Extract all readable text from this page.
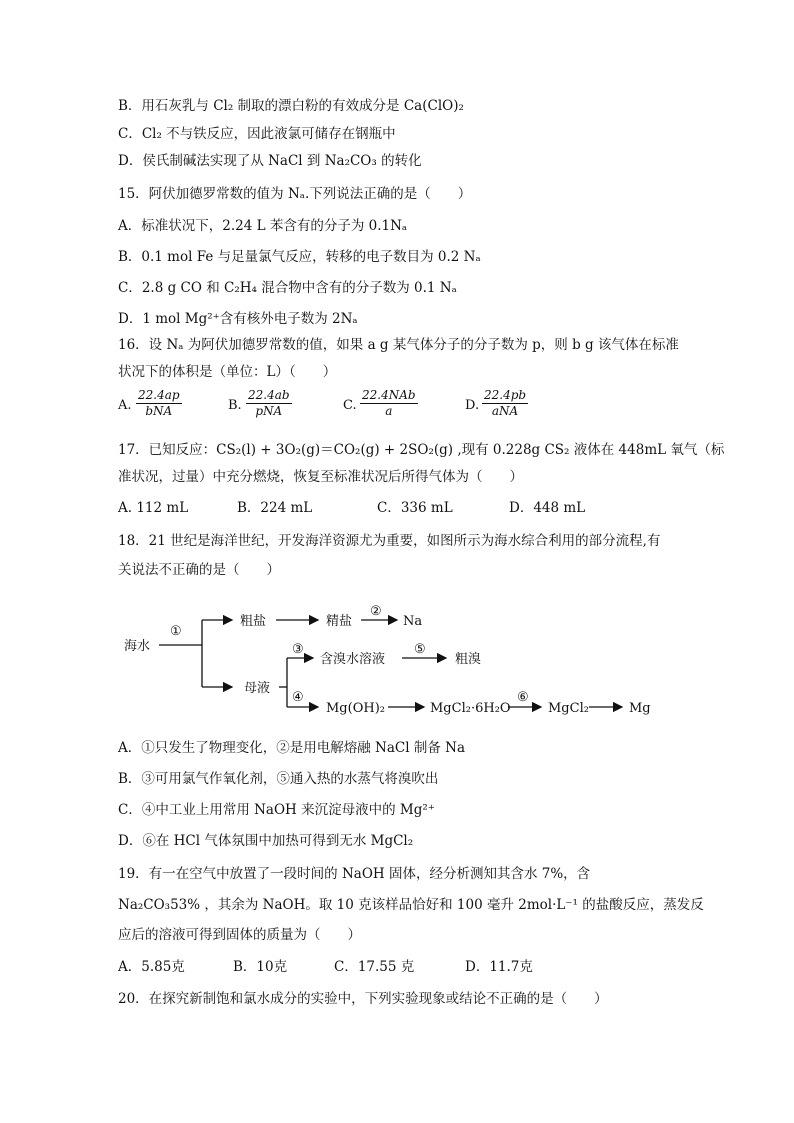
B．用石灰乳与 Cl₂ 制取的漂白粉的有效成分是 Ca(ClO)₂
C．Cl₂ 不与铁反应，因此液氯可储存在钢瓶中
D．侯氏制碱法实现了从 NaCl 到 Na₂CO₃ 的转化
15．阿伏加德罗常数的值为 Nₐ.下列说法正确的是（　　）
A．标准状况下，2.24 L 苯含有的分子为 0.1Nₐ
B．0.1 mol Fe 与足量氯气反应，转移的电子数目为 0.2 Nₐ
C．2.8 g CO 和 C₂H₄ 混合物中含有的分子数为 0.1 Nₐ
D．1 mol Mg²⁺含有核外电子数为 2Nₐ
16．设 Nₐ 为阿伏加德罗常数的值，如果 a g 某气体分子的分子数为 p，则 b g 该气体在标准
状况下的体积是（单位：L）（　　）
A.
22.4ap
bNA	B.
22.4ab
pNA	C.
22.4NAb
a	D.
22.4pb
aNA
17．已知反应：CS₂(l) + 3O₂(g)＝CO₂(g) + 2SO₂(g) ,现有 0.228g CS₂ 液体在 448mL 氧气（标
准状况，过量）中充分燃烧，恢复至标准状况后所得气体为（　　）
A. 112 mL	B．224 mL	C．336 mL	D．448 mL
18．21 世纪是海洋世纪，开发海洋资源尤为重要，如图所示为海水综合利用的部分流程,有
关说法不正确的是（　　）
海水
①
粗盐	精盐
②
Na
母液
③
含溴水溶液
⑤
粗溴
④
Mg(OH)₂	MgCl₂·6H₂O
⑥
MgCl₂	Mg
A．①只发生了物理变化，②是用电解熔融 NaCl 制备 Na
B．③可用氯气作氧化剂，⑤通入热的水蒸气将溴吹出
C．④中工业上用常用 NaOH 来沉淀母液中的 Mg²⁺
D．⑥在 HCl 气体氛围中加热可得到无水 MgCl₂
19．有一在空气中放置了一段时间的 NaOH 固体，经分析测知其含水 7%，含
Na₂CO₃53% ，其余为 NaOH。取 10 克该样品恰好和 100 毫升 2mol·L⁻¹ 的盐酸反应，蒸发反
应后的溶液可得到固体的质量为（　　）
A．5.85克	B．10克	C．17.55 克	D．11.7克
20．在探究新制饱和氯水成分的实验中，下列实验现象或结论不正确的是（　　）
